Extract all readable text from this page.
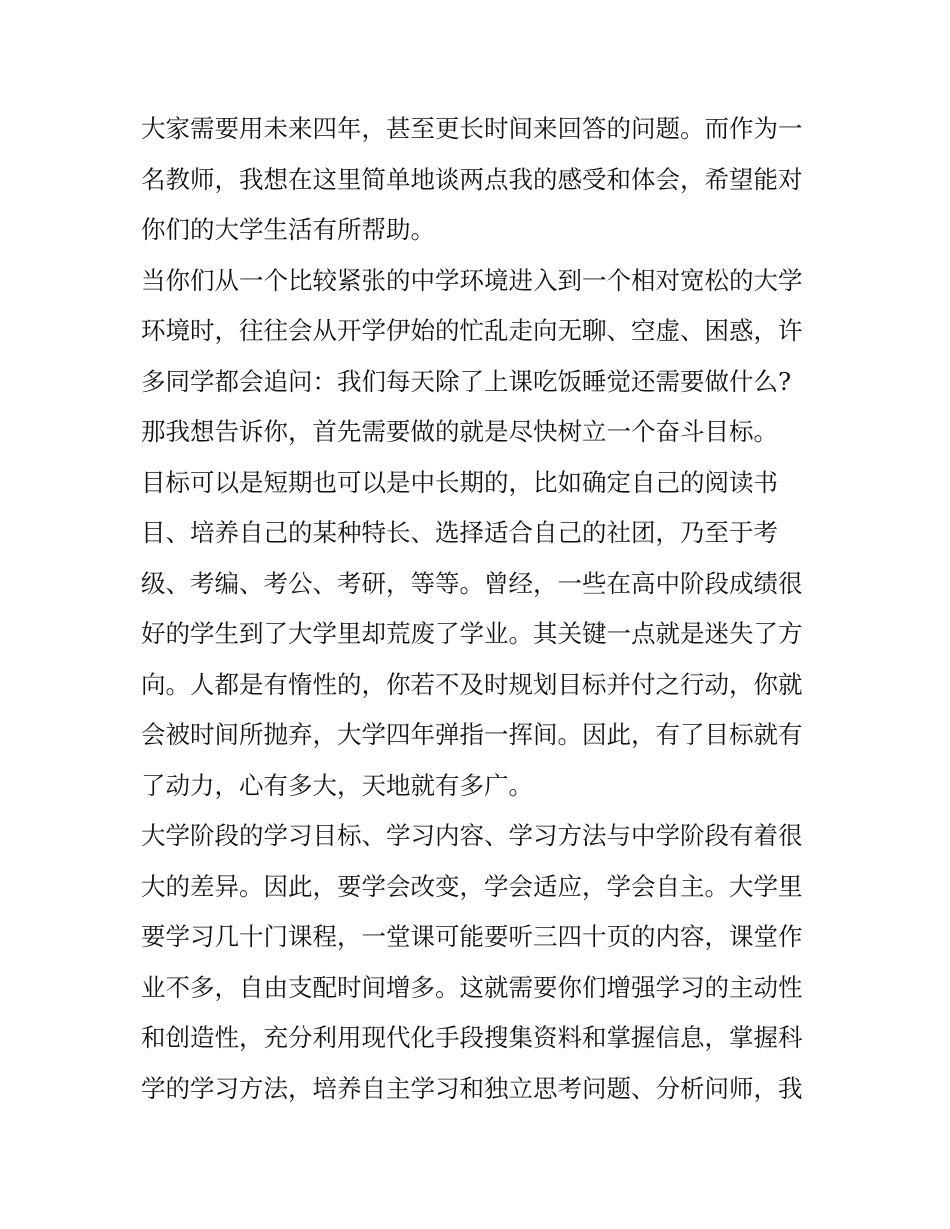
大家需要用未来四年，甚至更长时间来回答的问题。而作为一
名教师，我想在这里简单地谈两点我的感受和体会，希望能对
你们的大学生活有所帮助。
当你们从一个比较紧张的中学环境进入到一个相对宽松的大学
环境时，往往会从开学伊始的忙乱走向无聊、空虚、困惑，许
多同学都会追问：我们每天除了上课吃饭睡觉还需要做什么?
那我想告诉你，首先需要做的就是尽快树立一个奋斗目标。
目标可以是短期也可以是中长期的，比如确定自己的阅读书
目、培养自己的某种特长、选择适合自己的社团，乃至于考
级、考编、考公、考研，等等。曾经，一些在高中阶段成绩很
好的学生到了大学里却荒废了学业。其关键一点就是迷失了方
向。人都是有惰性的，你若不及时规划目标并付之行动，你就
会被时间所抛弃，大学四年弹指一挥间。因此，有了目标就有
了动力，心有多大，天地就有多广。
大学阶段的学习目标、学习内容、学习方法与中学阶段有着很
大的差异。因此，要学会改变，学会适应，学会自主。大学里
要学习几十门课程，一堂课可能要听三四十页的内容，课堂作
业不多，自由支配时间增多。这就需要你们增强学习的主动性
和创造性，充分利用现代化手段搜集资料和掌握信息，掌握科
学的学习方法，培养自主学习和独立思考问题、分析问师，我
